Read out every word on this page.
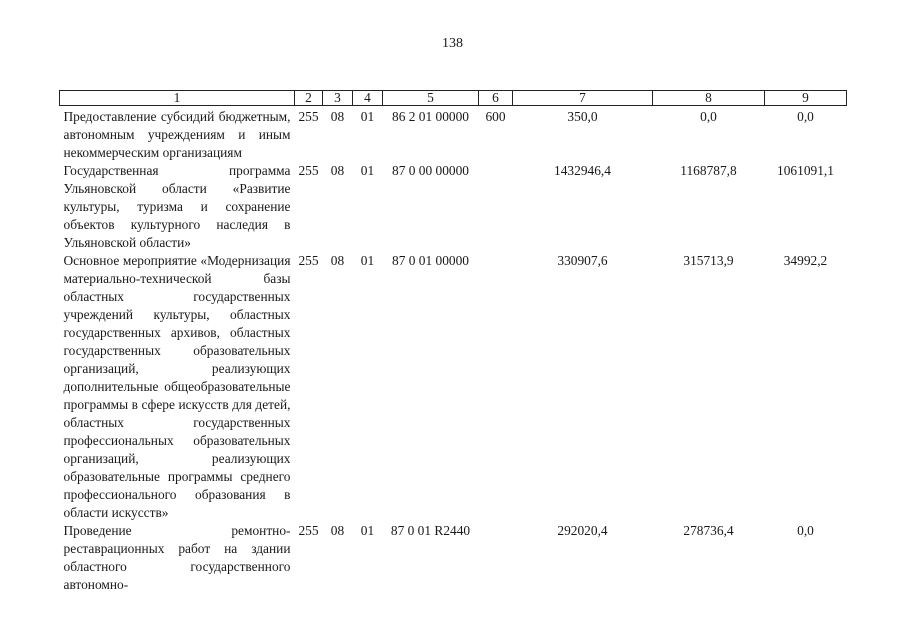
138
1	2	3	4	5	6	7	8	9
Предоставление субсидий бюджетным, автономным учреждениям и иным некоммерческим организациям	255	08	01	86 2 01 00000	600	350,0	0,0	0,0
Государственная программа Ульяновской области «Развитие культуры, туризма и сохранение объектов культурного наследия в Ульяновской области»	255	08	01	87 0 00 00000		1432946,4	1168787,8	1061091,1
Основное мероприятие «Модернизация материально-технической базы областных государственных учреждений культуры, областных государственных архивов, областных государственных образовательных организаций, реализующих дополнительные общеобразовательные программы в сфере искусств для детей, областных государственных профессиональных образовательных организаций, реализующих образовательные программы среднего профессионального образования в области искусств»	255	08	01	87 0 01 00000		330907,6	315713,9	34992,2
Проведение ремонтно-реставрационных работ на здании областного государственного автономно-	255	08	01	87 0 01 R2440		292020,4	278736,4	0,0
